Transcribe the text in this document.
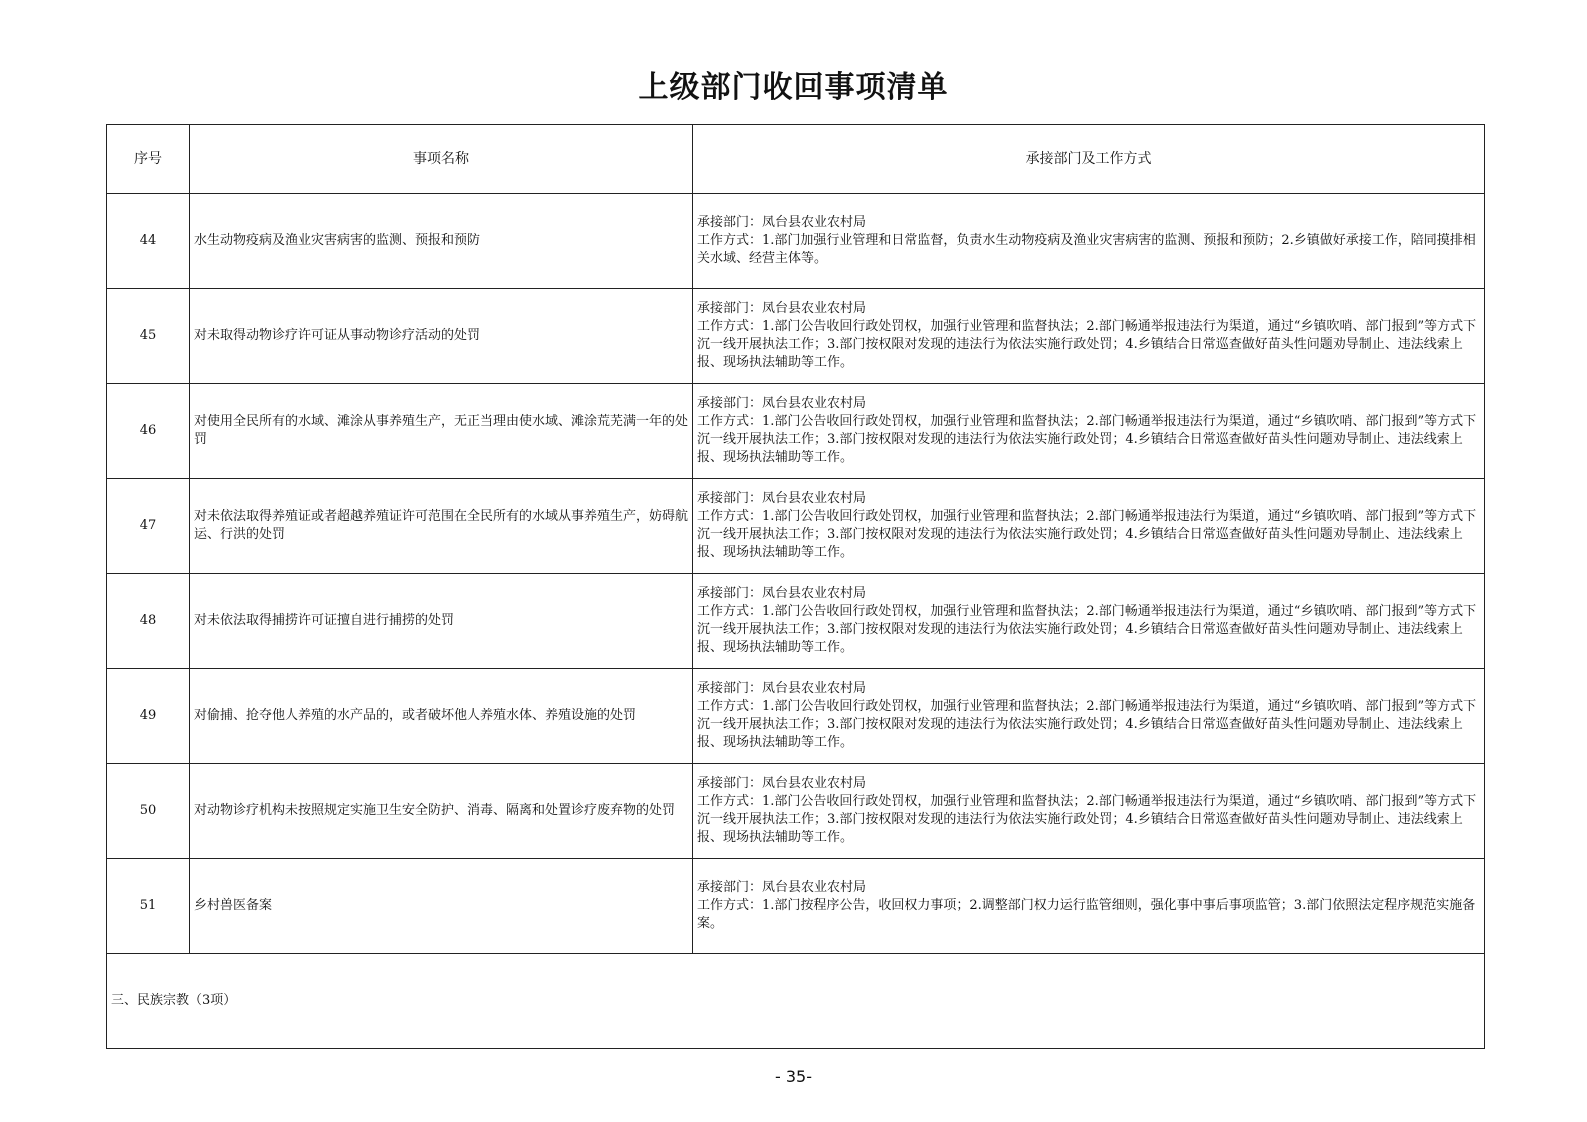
上级部门收回事项清单
序号	事项名称	承接部门及工作方式
44	水生动物疫病及渔业灾害病害的监测、预报和预防	承接部门：凤台县农业农村局
工作方式：1.部门加强行业管理和日常监督，负责水生动物疫病及渔业灾害病害的监测、预报和预防；2.乡镇做好承接工作，陪同摸排相关水域、经营主体等。

45	对未取得动物诊疗许可证从事动物诊疗活动的处罚	承接部门：凤台县农业农村局
工作方式：1.部门公告收回行政处罚权，加强行业管理和监督执法；2.部门畅通举报违法行为渠道，通过“乡镇吹哨、部门报到”等方式下沉一线开展执法工作；3.部门按权限对发现的违法行为依法实施行政处罚；4.乡镇结合日常巡查做好苗头性问题劝导制止、违法线索上报、现场执法辅助等工作。

46	对使用全民所有的水域、滩涂从事养殖生产，无正当理由使水域、滩涂荒芜满一年的处罚	承接部门：凤台县农业农村局
工作方式：1.部门公告收回行政处罚权，加强行业管理和监督执法；2.部门畅通举报违法行为渠道，通过“乡镇吹哨、部门报到”等方式下沉一线开展执法工作；3.部门按权限对发现的违法行为依法实施行政处罚；4.乡镇结合日常巡查做好苗头性问题劝导制止、违法线索上报、现场执法辅助等工作。

47	对未依法取得养殖证或者超越养殖证许可范围在全民所有的水域从事养殖生产，妨碍航运、行洪的处罚	承接部门：凤台县农业农村局
工作方式：1.部门公告收回行政处罚权，加强行业管理和监督执法；2.部门畅通举报违法行为渠道，通过“乡镇吹哨、部门报到”等方式下沉一线开展执法工作；3.部门按权限对发现的违法行为依法实施行政处罚；4.乡镇结合日常巡查做好苗头性问题劝导制止、违法线索上报、现场执法辅助等工作。

48	对未依法取得捕捞许可证擅自进行捕捞的处罚	承接部门：凤台县农业农村局
工作方式：1.部门公告收回行政处罚权，加强行业管理和监督执法；2.部门畅通举报违法行为渠道，通过“乡镇吹哨、部门报到”等方式下沉一线开展执法工作；3.部门按权限对发现的违法行为依法实施行政处罚；4.乡镇结合日常巡查做好苗头性问题劝导制止、违法线索上报、现场执法辅助等工作。

49	对偷捕、抢夺他人养殖的水产品的，或者破坏他人养殖水体、养殖设施的处罚	承接部门：凤台县农业农村局
工作方式：1.部门公告收回行政处罚权，加强行业管理和监督执法；2.部门畅通举报违法行为渠道，通过“乡镇吹哨、部门报到”等方式下沉一线开展执法工作；3.部门按权限对发现的违法行为依法实施行政处罚；4.乡镇结合日常巡查做好苗头性问题劝导制止、违法线索上报、现场执法辅助等工作。

50	对动物诊疗机构未按照规定实施卫生安全防护、消毒、隔离和处置诊疗废弃物的处罚	承接部门：凤台县农业农村局
工作方式：1.部门公告收回行政处罚权，加强行业管理和监督执法；2.部门畅通举报违法行为渠道，通过“乡镇吹哨、部门报到”等方式下沉一线开展执法工作；3.部门按权限对发现的违法行为依法实施行政处罚；4.乡镇结合日常巡查做好苗头性问题劝导制止、违法线索上报、现场执法辅助等工作。

51	乡村兽医备案	承接部门：凤台县农业农村局
工作方式：1.部门按程序公告，收回权力事项；2.调整部门权力运行监管细则，强化事中事后事项监管；3.部门依照法定程序规范实施备案。

三、民族宗教（3项）		
- 35-
